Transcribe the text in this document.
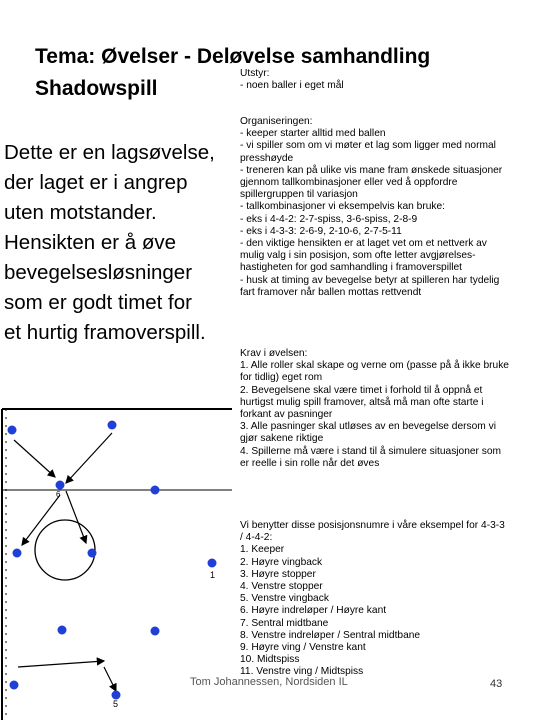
Tema: Øvelser - Deløvelse samhandling
Shadowspill

Utstyr:

- noen baller i eget mål

Dette er en lagsøvelse,
der laget er i angrep
uten motstander.
Hensikten er å øve
bevegelsesløsninger
som er godt timet for
et hurtig framoverspill.

Organiseringen:

- keeper starter alltid med ballen

- vi spiller som om vi møter et lag som ligger med normal

presshøyde

- treneren kan på ulike vis mane fram ønskede situasjoner

gjennom tallkombinasjoner eller ved å oppfordre

spillergruppen til variasjon

- tallkombinasjoner vi eksempelvis kan bruke:

- eks i 4-4-2: 2-7-spiss, 3-6-spiss, 2-8-9

- eks i 4-3-3: 2-6-9, 2-10-6, 2-7-5-11

- den viktige hensikten er at laget vet om et nettverk av

mulig valg i sin posisjon, som ofte letter avgjørelses-

hastigheten for god samhandling i framoverspillet

- husk at timing av bevegelse betyr at spilleren har tydelig

fart framover når ballen mottas rettvendt

Krav i øvelsen:

1. Alle roller skal skape og verne om (passe på å ikke bruke

for tidlig) eget rom

2. Bevegelsene skal være timet i forhold til å oppnå et

hurtigst mulig spill framover, altså må man ofte starte i

forkant av pasninger

3. Alle pasninger skal utløses av en bevegelse dersom vi

gjør sakene riktige

4. Spillerne må være i stand til å simulere situasjoner som

er reelle i sin rolle når det øves

Vi benytter disse posisjonsnumre i våre eksempel for 4-3-3

/ 4-4-2:

1. Keeper

2. Høyre vingback

3. Høyre stopper

4. Venstre stopper

5. Venstre vingback

6. Høyre indreløper / Høyre kant

7. Sentral midtbane

8. Venstre indreløper / Sentral midtbane

9. Høyre ving / Venstre kant

10. Midtspiss

11. Venstre ving / Midtspiss

Tom Johannessen, Nordsiden IL	43
6
1
5
